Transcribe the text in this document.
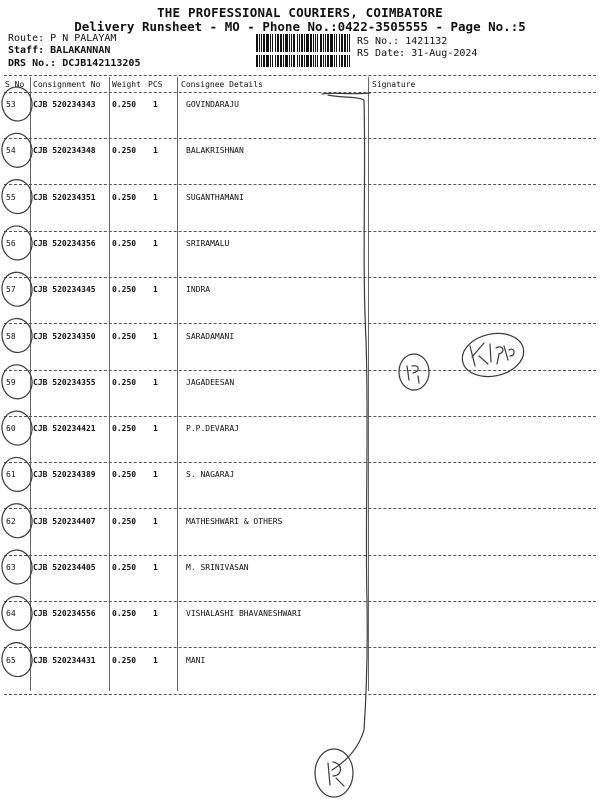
THE PROFESSIONAL COURIERS, COIMBATORE
Delivery Runsheet - MO - Phone No.:0422-3505555 - Page No.:5
Route: P N PALAYAM
Staff: BALAKANNAN
DRS No.: DCJB142113205
RS No.: 1421132
RS Date: 31-Aug-2024
S No Consignment No Weight PCS Consignee Details	Signature
53 CJB 520234343 0.250 1	GOVINDARAJU
54 CJB 520234348 0.250 1	BALAKRISHNAN
55 CJB 520234351 0.250 1	SUGANTHAMANI
56 CJB 520234356 0.250 1	SRIRAMALU
57 CJB 520234345 0.250 1	INDRA
58 CJB 520234350 0.250 1	SARADAMANI
59 CJB 520234355 0.250 1	JAGADEESAN
60 CJB 520234421 0.250 1	P.P.DEVARAJ
61 CJB 520234389 0.250 1	S. NAGARAJ
62 CJB 520234407 0.250 1	MATHESHWARI & OTHERS
63 CJB 520234405 0.250 1	M. SRINIVASAN
64 CJB 520234556 0.250 1	VISHALASHI BHAVANESHWARI
65 CJB 520234431 0.250 1	MANI
